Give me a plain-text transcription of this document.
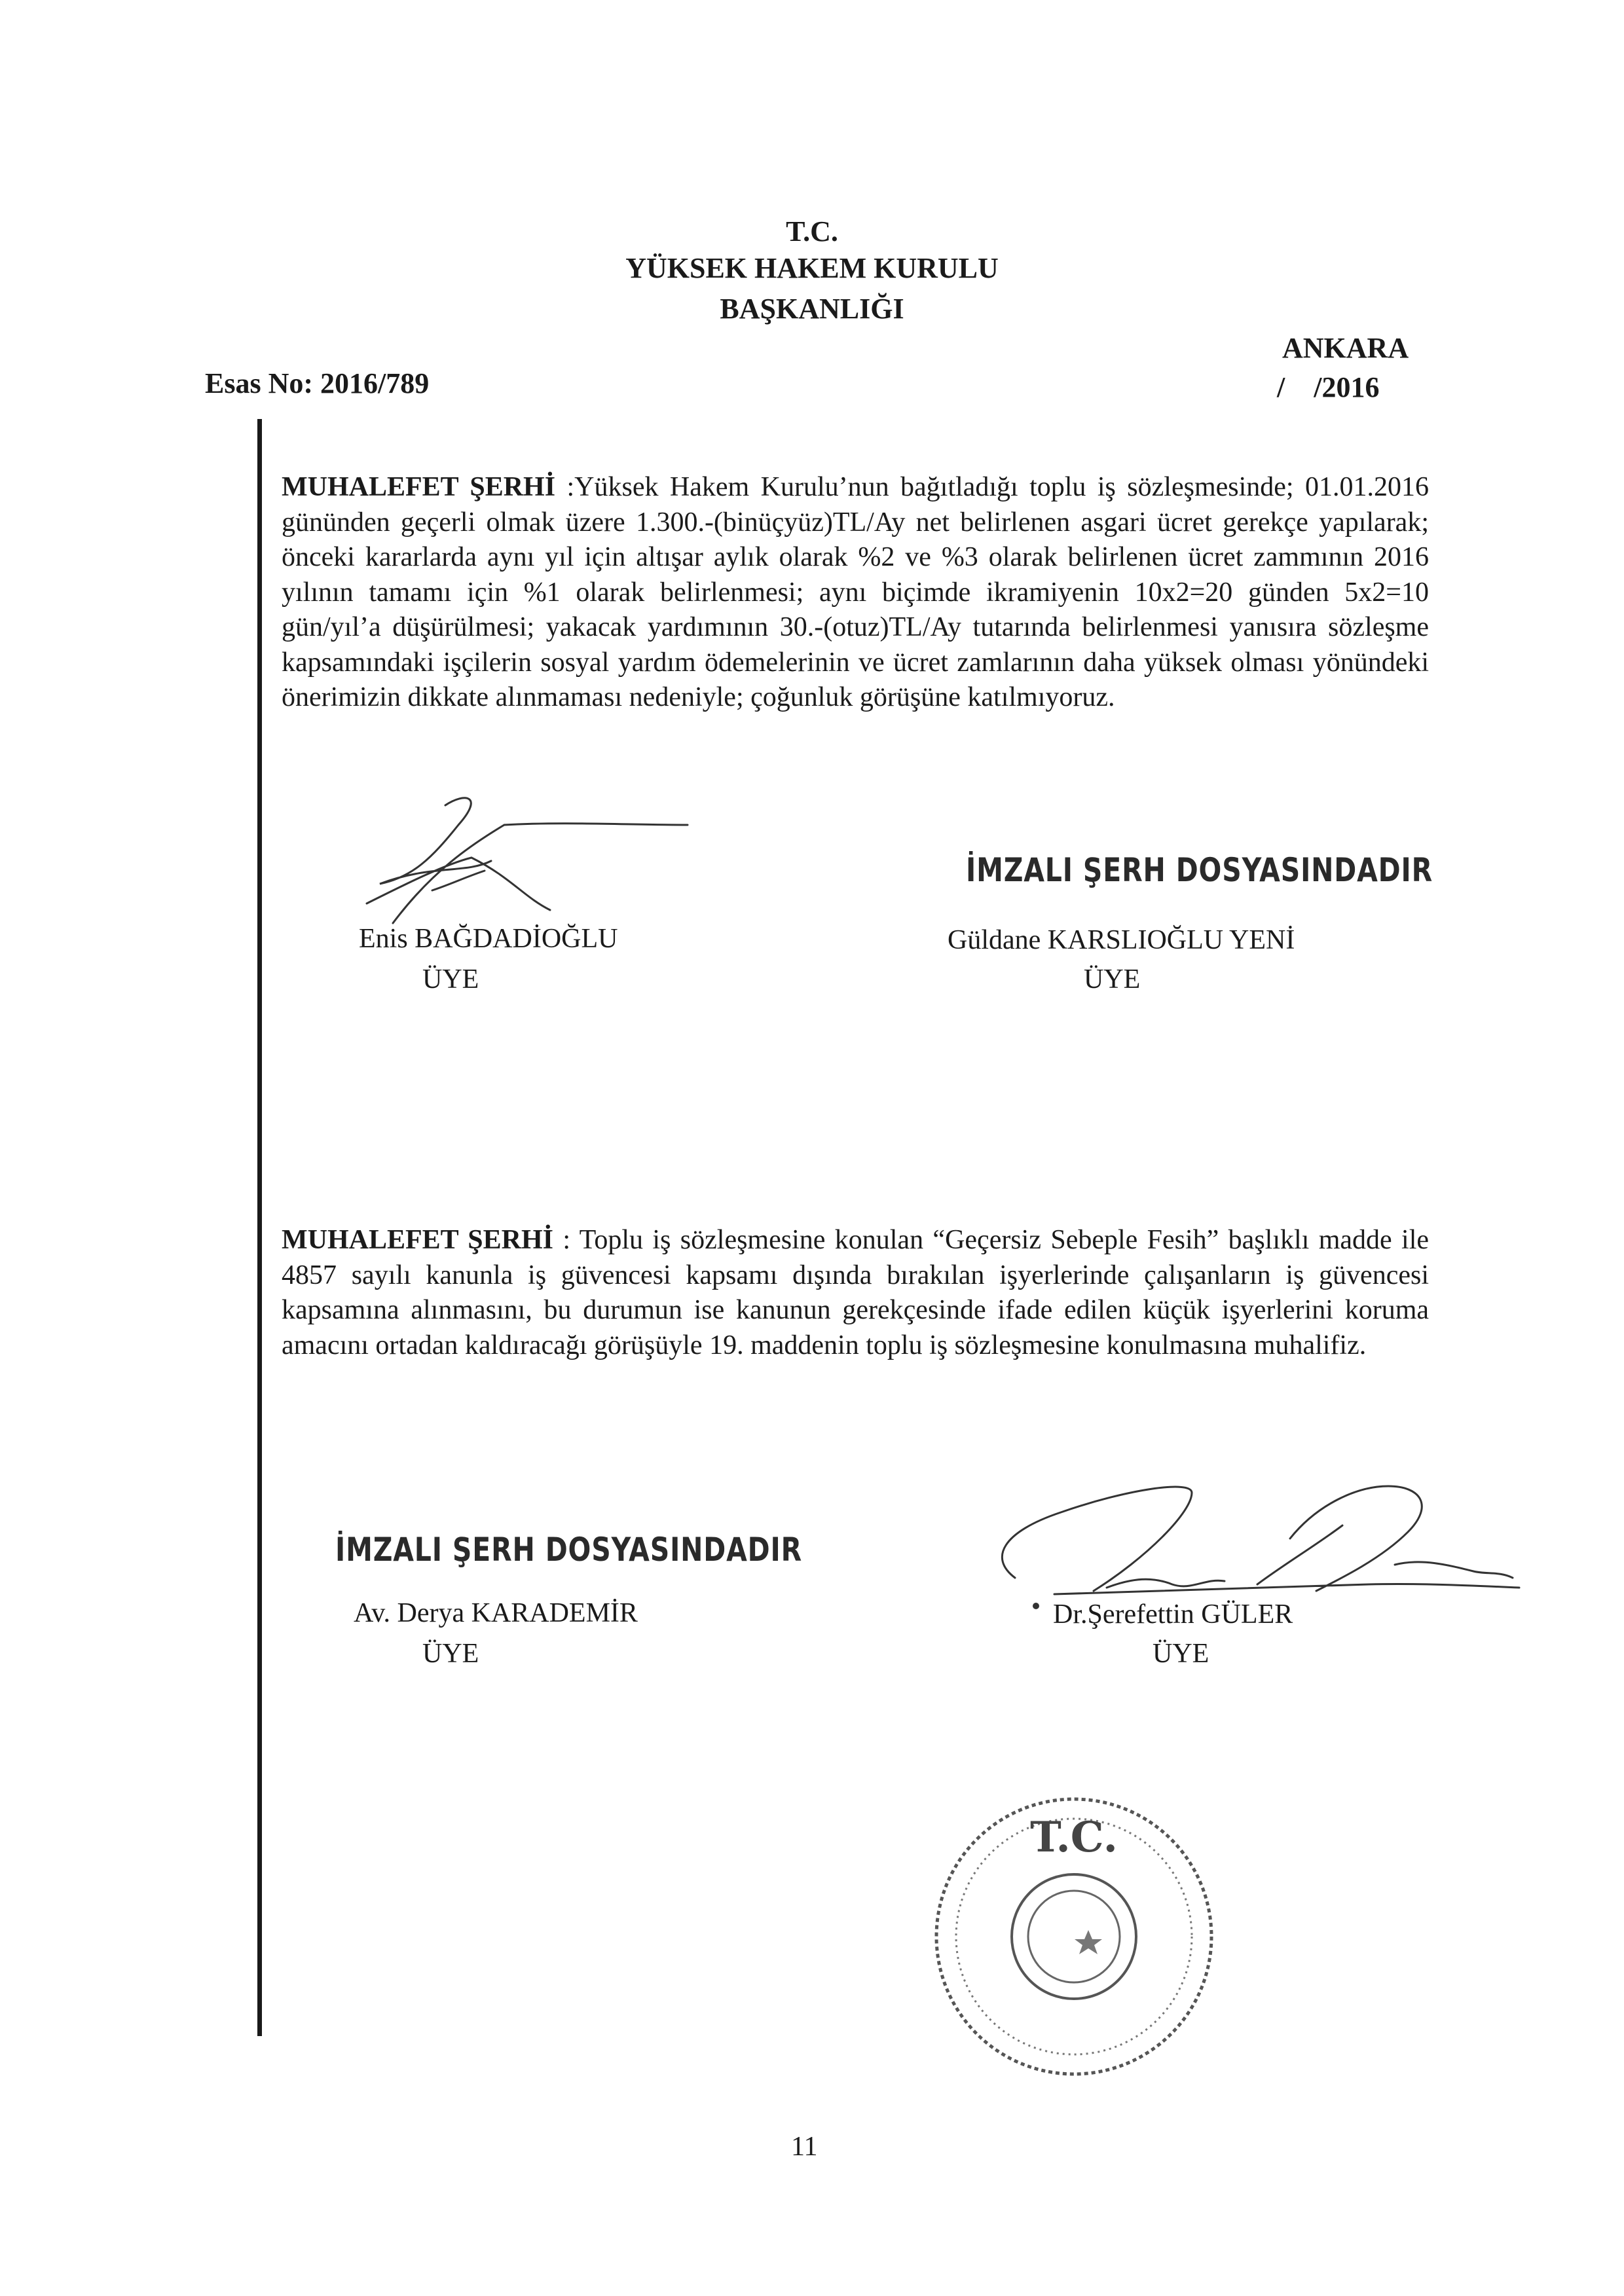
T.C.
YÜKSEK HAKEM KURULU
BAŞKANLIĞI
ANKARA
/    /2016
Esas No: 2016/789

MUHALEFET ŞERHİ :Yüksek Hakem Kurulu’nun bağıtladığı toplu iş sözleşmesinde; 01.01.2016 gününden geçerli olmak üzere 1.300.-(binüçyüz)TL/Ay net belirlenen asgari ücret gerekçe yapılarak; önceki kararlarda aynı yıl için altışar aylık olarak %2 ve %3 olarak belirlenen ücret zammının 2016 yılının tamamı için %1 olarak belirlenmesi; aynı biçimde ikramiyenin 10x2=20 günden 5x2=10 gün/yıl’a düşürülmesi; yakacak yardımının 30.-(otuz)TL/Ay tutarında belirlenmesi yanısıra sözleşme kapsamındaki işçilerin sosyal yardım ödemelerinin ve ücret zamlarının daha yüksek olması yönündeki önerimizin dikkate alınmaması nedeniyle; çoğunluk görüşüne katılmıyoruz.

Enis BAĞDADİOĞLU
ÜYE
İMZALI ŞERH DOSYASINDADIR
Güldane KARSLIOĞLU YENİ
ÜYE

MUHALEFET ŞERHİ : Toplu iş sözleşmesine konulan “Geçersiz Sebeple Fesih” başlıklı madde ile 4857 sayılı kanunla iş güvencesi kapsamı dışında bırakılan işyerlerinde çalışanların iş güvencesi kapsamına alınmasını, bu durumun ise kanunun gerekçesinde ifade edilen küçük işyerlerini koruma amacını ortadan kaldıracağı görüşüyle 19. maddenin toplu iş sözleşmesine konulmasına muhalifiz.

İMZALI ŞERH DOSYASINDADIR
Av. Derya KARADEMİR
ÜYE
Dr.Şerefettin GÜLER
ÜYE
T.C.
11
